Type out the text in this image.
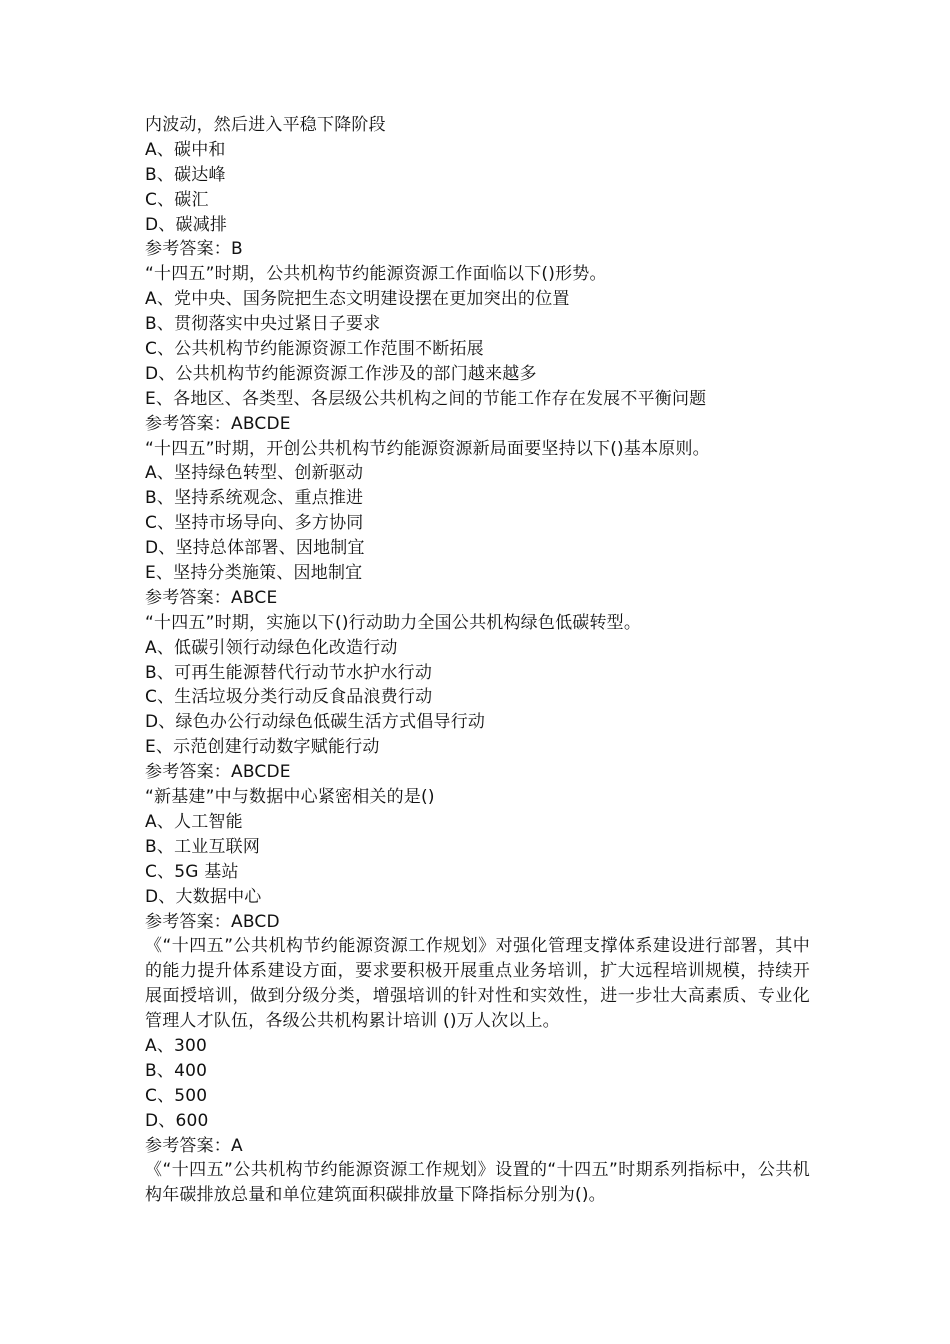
内波动，然后进入平稳下降阶段
A、碳中和
B、碳达峰
C、碳汇
D、碳减排
参考答案：B
“十四五”时期，公共机构节约能源资源工作面临以下()形势。
A、党中央、国务院把生态文明建设摆在更加突出的位置
B、贯彻落实中央过紧日子要求
C、公共机构节约能源资源工作范围不断拓展
D、公共机构节约能源资源工作涉及的部门越来越多
E、各地区、各类型、各层级公共机构之间的节能工作存在发展不平衡问题
参考答案：ABCDE
“十四五”时期，开创公共机构节约能源资源新局面要坚持以下()基本原则。
A、坚持绿色转型、创新驱动
B、坚持系统观念、重点推进
C、坚持市场导向、多方协同
D、坚持总体部署、因地制宜
E、坚持分类施策、因地制宜
参考答案：ABCE
“十四五”时期，实施以下()行动助力全国公共机构绿色低碳转型。
A、低碳引领行动绿色化改造行动
B、可再生能源替代行动节水护水行动
C、生活垃圾分类行动反食品浪费行动
D、绿色办公行动绿色低碳生活方式倡导行动
E、示范创建行动数字赋能行动
参考答案：ABCDE
“新基建”中与数据中心紧密相关的是()
A、人工智能
B、工业互联网
C、5G 基站
D、大数据中心
参考答案：ABCD
《“十四五”公共机构节约能源资源工作规划》对强化管理支撑体系建设进行部署，其中的能力提升体系建设方面，要求要积极开展重点业务培训，扩大远程培训规模，持续开展面授培训，做到分级分类，增强培训的针对性和实效性，进一步壮大高素质、专业化管理人才队伍，各级公共机构累计培训 ()万人次以上。
A、300
B、400
C、500
D、600
参考答案：A
《“十四五”公共机构节约能源资源工作规划》设置的“十四五”时期系列指标中，公共机构年碳排放总量和单位建筑面积碳排放量下降指标分别为()。
